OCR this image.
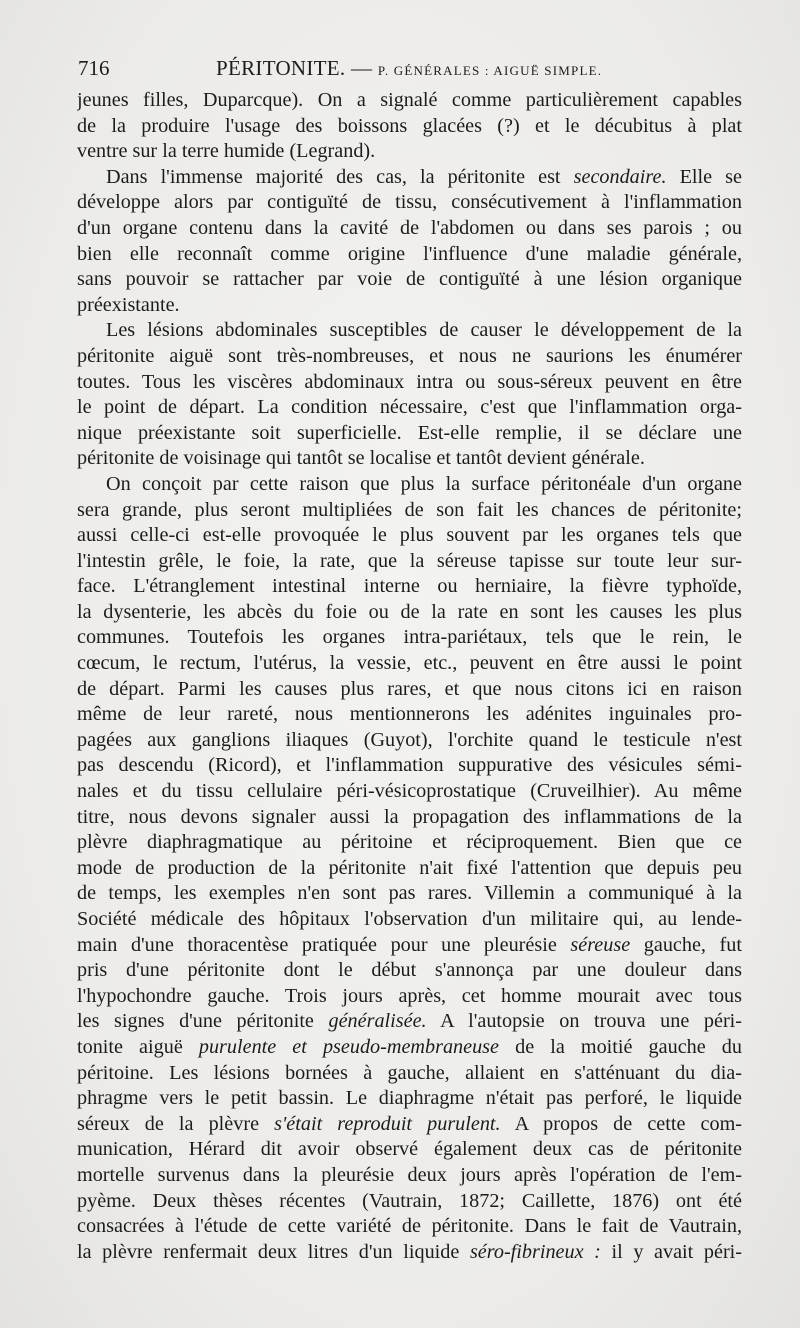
716	PÉRITONITE. — P. GÉNÉRALES : AIGUË SIMPLE.
jeunes filles, Duparcque). On a signalé comme particulièrement capables
de la produire l'usage des boissons glacées (?) et le décubitus à plat
ventre sur la terre humide (Legrand).
Dans l'immense majorité des cas, la péritonite est secondaire. Elle se
développe alors par contiguïté de tissu, consécutivement à l'inflammation
d'un organe contenu dans la cavité de l'abdomen ou dans ses parois ; ou
bien elle reconnaît comme origine l'influence d'une maladie générale,
sans pouvoir se rattacher par voie de contiguïté à une lésion organique
préexistante.
Les lésions abdominales susceptibles de causer le développement de la
péritonite aiguë sont très-nombreuses, et nous ne saurions les énumérer
toutes. Tous les viscères abdominaux intra ou sous-séreux peuvent en être
le point de départ. La condition nécessaire, c'est que l'inflammation orga-
nique préexistante soit superficielle. Est-elle remplie, il se déclare une
péritonite de voisinage qui tantôt se localise et tantôt devient générale.
On conçoit par cette raison que plus la surface péritonéale d'un organe
sera grande, plus seront multipliées de son fait les chances de péritonite;
aussi celle-ci est-elle provoquée le plus souvent par les organes tels que
l'intestin grêle, le foie, la rate, que la séreuse tapisse sur toute leur sur-
face. L'étranglement intestinal interne ou herniaire, la fièvre typhoïde,
la dysenterie, les abcès du foie ou de la rate en sont les causes les plus
communes. Toutefois les organes intra-pariétaux, tels que le rein, le
cœcum, le rectum, l'utérus, la vessie, etc., peuvent en être aussi le point
de départ. Parmi les causes plus rares, et que nous citons ici en raison
même de leur rareté, nous mentionnerons les adénites inguinales pro-
pagées aux ganglions iliaques (Guyot), l'orchite quand le testicule n'est
pas descendu (Ricord), et l'inflammation suppurative des vésicules sémi-
nales et du tissu cellulaire péri-vésicoprostatique (Cruveilhier). Au même
titre, nous devons signaler aussi la propagation des inflammations de la
plèvre diaphragmatique au péritoine et réciproquement. Bien que ce
mode de production de la péritonite n'ait fixé l'attention que depuis peu
de temps, les exemples n'en sont pas rares. Villemin a communiqué à la
Société médicale des hôpitaux l'observation d'un militaire qui, au lende-
main d'une thoracentèse pratiquée pour une pleurésie séreuse gauche, fut
pris d'une péritonite dont le début s'annonça par une douleur dans
l'hypochondre gauche. Trois jours après, cet homme mourait avec tous
les signes d'une péritonite généralisée. A l'autopsie on trouva une péri-
tonite aiguë purulente et pseudo-membraneuse de la moitié gauche du
péritoine. Les lésions bornées à gauche, allaient en s'atténuant du dia-
phragme vers le petit bassin. Le diaphragme n'était pas perforé, le liquide
séreux de la plèvre s'était reproduit purulent. A propos de cette com-
munication, Hérard dit avoir observé également deux cas de péritonite
mortelle survenus dans la pleurésie deux jours après l'opération de l'em-
pyème. Deux thèses récentes (Vautrain, 1872; Caillette, 1876) ont été
consacrées à l'étude de cette variété de péritonite. Dans le fait de Vautrain,
la plèvre renfermait deux litres d'un liquide séro-fibrineux : il y avait péri-
